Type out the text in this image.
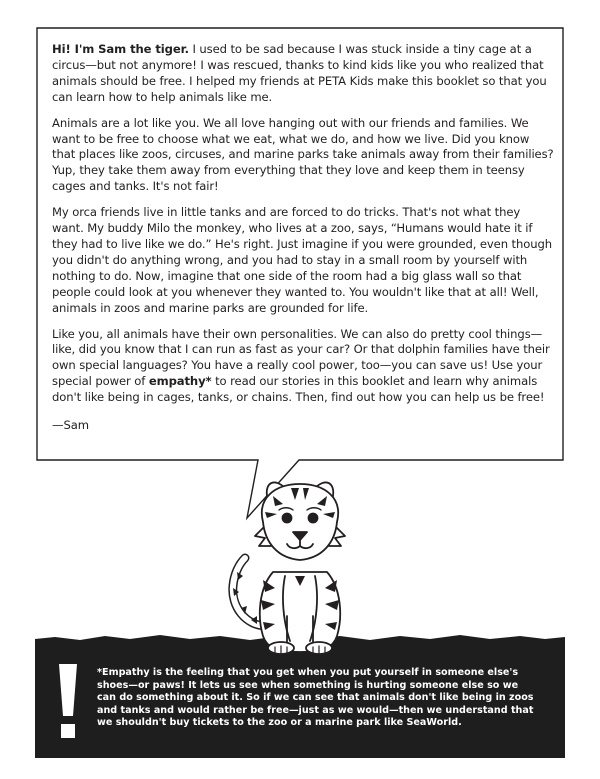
Hi! I'm Sam the tiger. I used to be sad because I was stuck inside a tiny cage at a circus—but not anymore! I was rescued, thanks to kind kids like you who realized that animals should be free. I helped my friends at PETA Kids make this booklet so that you can learn how to help animals like me.

Animals are a lot like you. We all love hanging out with our friends and families. We want to be free to choose what we eat, what we do, and how we live. Did you know that places like zoos, circuses, and marine parks take animals away from their families? Yup, they take them away from everything that they love and keep them in teensy cages and tanks. It's not fair!

My orca friends live in little tanks and are forced to do tricks. That's not what they want. My buddy Milo the monkey, who lives at a zoo, says, “Humans would hate it if they had to live like we do.” He's right. Just imagine if you were grounded, even though you didn't do anything wrong, and you had to stay in a small room by yourself with nothing to do. Now, imagine that one side of the room had a big glass wall so that people could look at you whenever they wanted to. You wouldn't like that at all! Well, animals in zoos and marine parks are grounded for life.

Like you, all animals have their own personalities. We can also do pretty cool things—like, did you know that I can run as fast as your car? Or that dolphin families have their own special languages? You have a really cool power, too—you can save us! Use your special power of empathy* to read our stories in this booklet and learn why animals don't like being in cages, tanks, or chains. Then, find out how you can help us be free!

—Sam

*Empathy is the feeling that you get when you put yourself in someone else's shoes—or paws! It lets us see when something is hurting someone else so we can do something about it. So if we can see that animals don't like being in zoos and tanks and would rather be free—just as we would—then we understand that we shouldn't buy tickets to the zoo or a marine park like SeaWorld.
